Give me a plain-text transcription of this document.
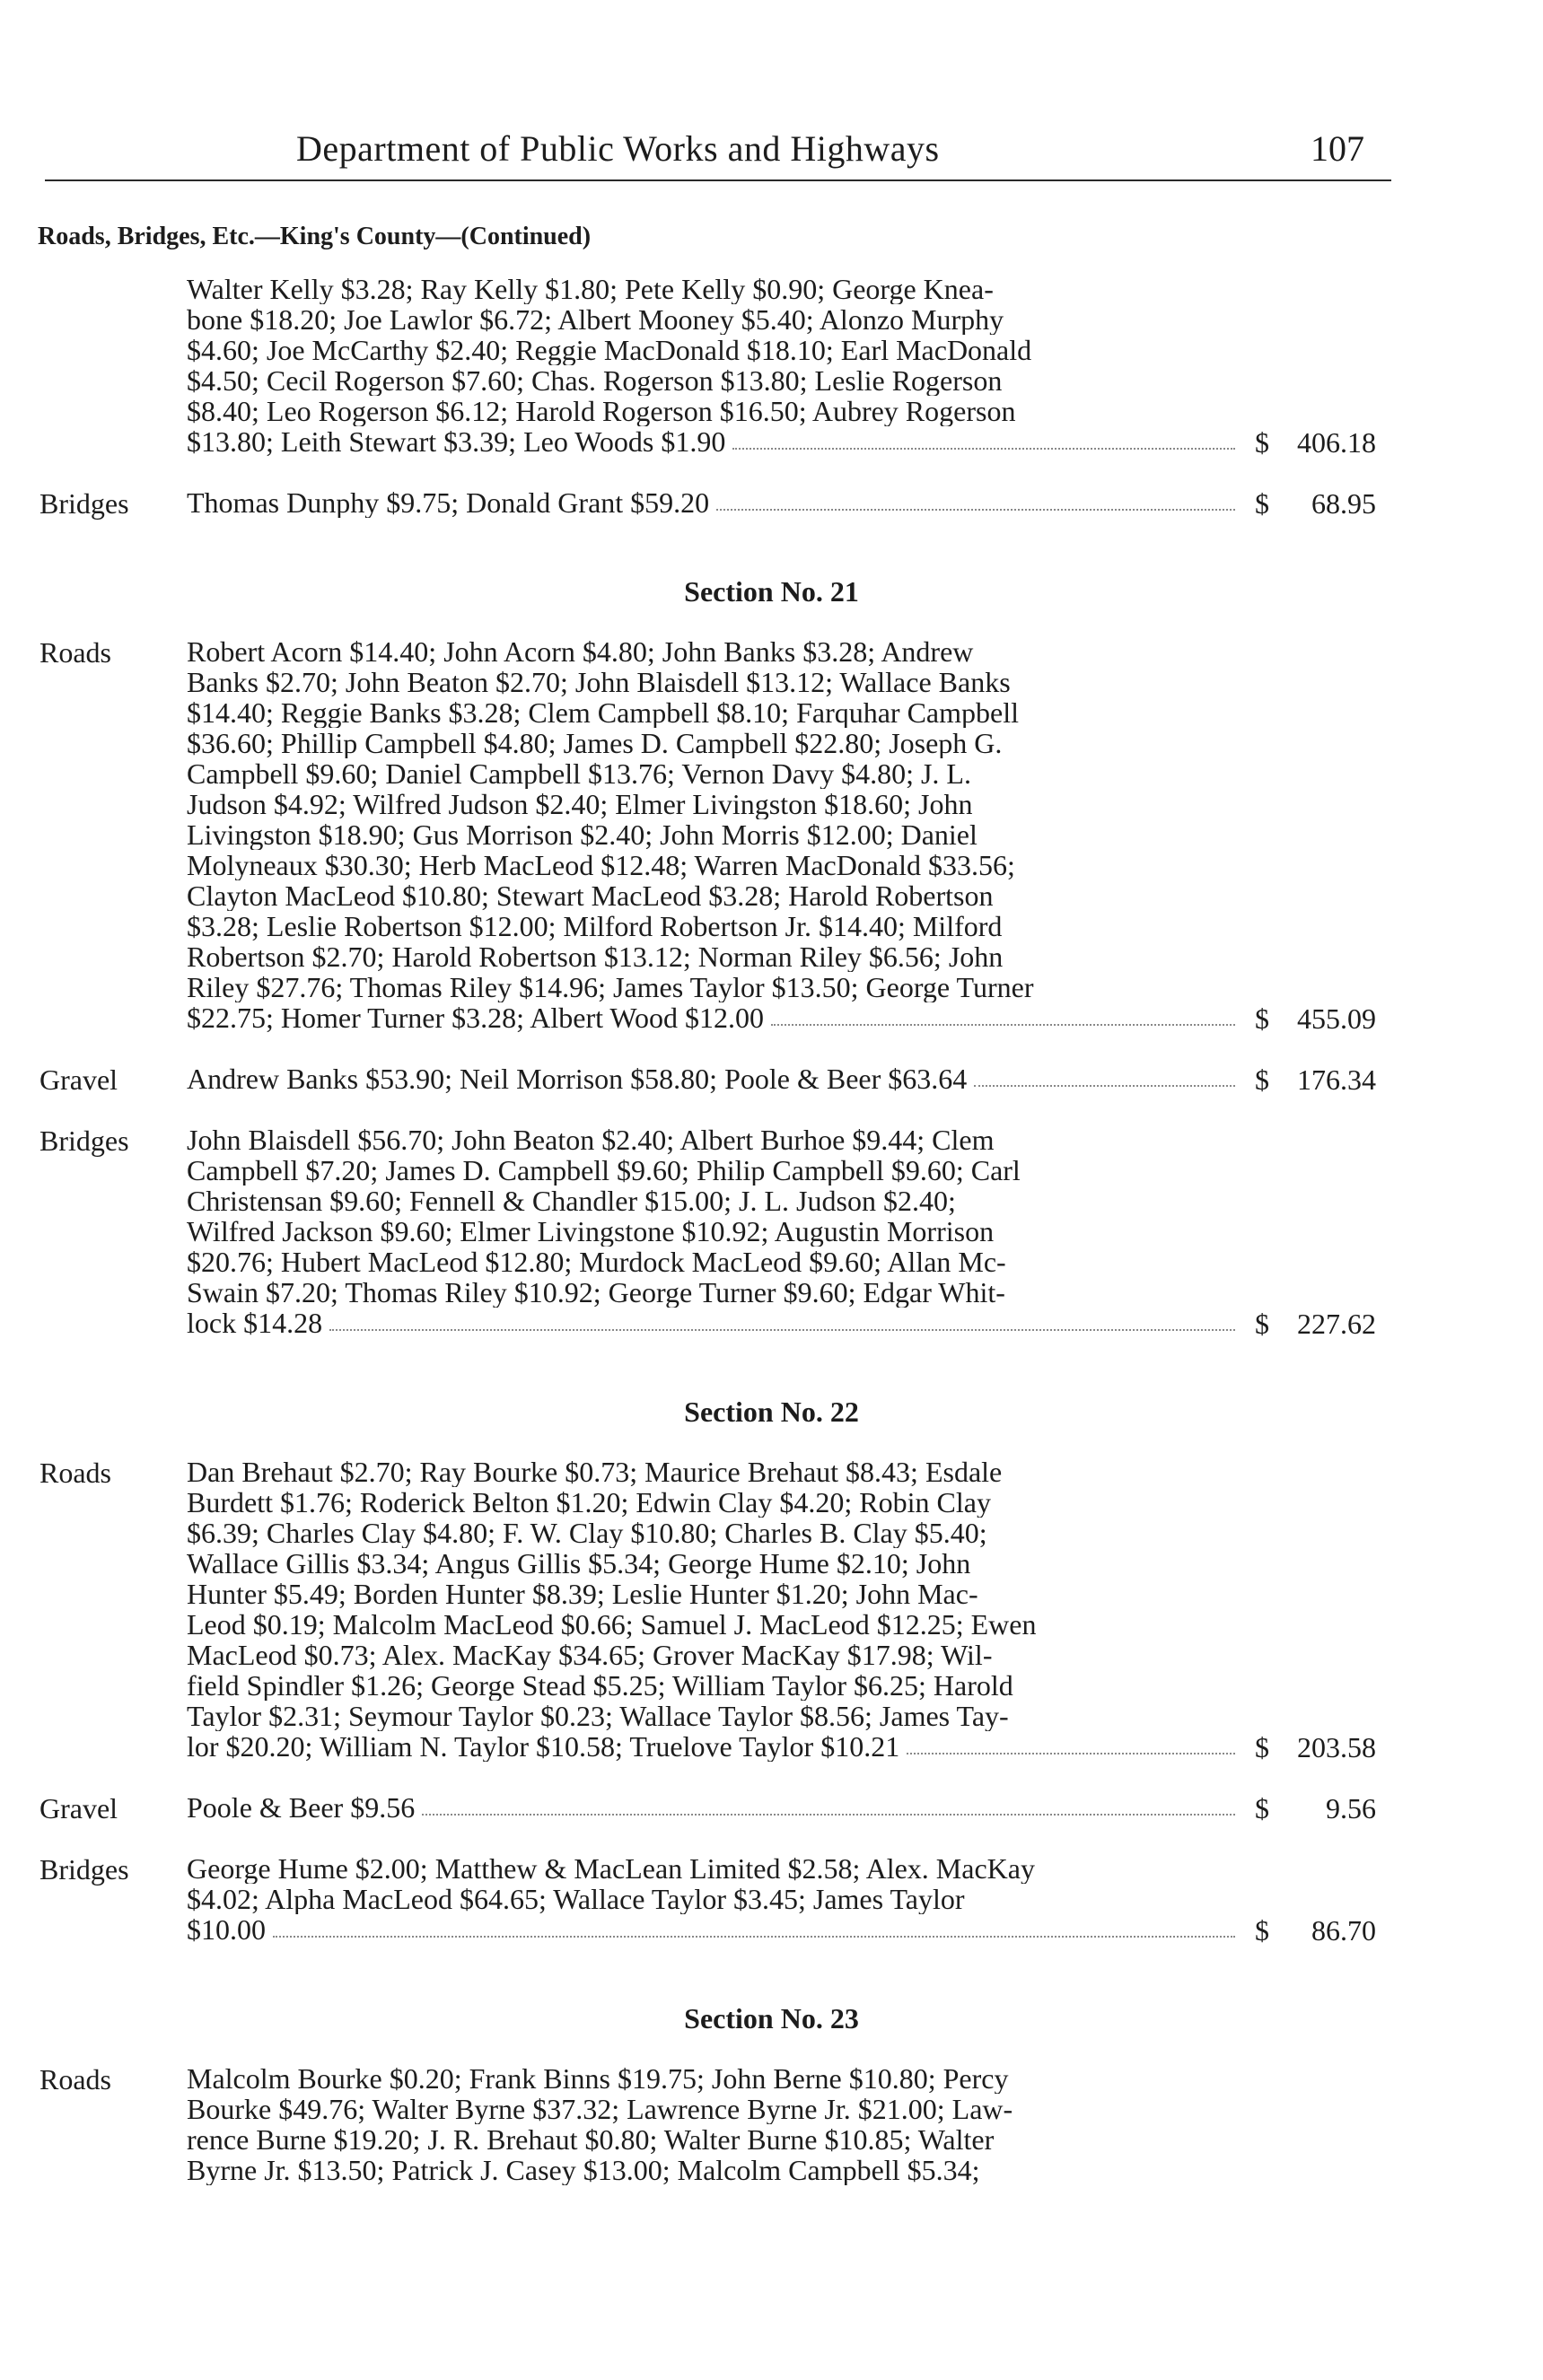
Department of Public Works and Highways	107
Roads, Bridges, Etc.—King's County—(Continued)
Walter Kelly $3.28; Ray Kelly $1.80; Pete Kelly $0.90; George Knea-
bone $18.20; Joe Lawlor $6.72; Albert Mooney $5.40; Alonzo Murphy
$4.60; Joe McCarthy $2.40; Reggie MacDonald $18.10; Earl MacDonald
$4.50; Cecil Rogerson $7.60; Chas. Rogerson $13.80; Leslie Rogerson
$8.40; Leo Rogerson $6.12; Harold Rogerson $16.50; Aubrey Rogerson
$13.80; Leith Stewart $3.39; Leo Woods $1.90	$ 406.18
Bridges Thomas Dunphy $9.75; Donald Grant $59.20	$ 68.95
Section No. 21
Roads	Robert Acorn $14.40; John Acorn $4.80; John Banks $3.28; Andrew
Banks $2.70; John Beaton $2.70; John Blaisdell $13.12; Wallace Banks
$14.40; Reggie Banks $3.28; Clem Campbell $8.10; Farquhar Campbell
$36.60; Phillip Campbell $4.80; James D. Campbell $22.80; Joseph G.
Campbell $9.60; Daniel Campbell $13.76; Vernon Davy $4.80; J. L.
Judson $4.92; Wilfred Judson $2.40; Elmer Livingston $18.60; John
Livingston $18.90; Gus Morrison $2.40; John Morris $12.00; Daniel
Molyneaux $30.30; Herb MacLeod $12.48; Warren MacDonald $33.56;
Clayton MacLeod $10.80; Stewart MacLeod $3.28; Harold Robertson
$3.28; Leslie Robertson $12.00; Milford Robertson Jr. $14.40; Milford
Robertson $2.70; Harold Robertson $13.12; Norman Riley $6.56; John
Riley $27.76; Thomas Riley $14.96; James Taylor $13.50; George Turner
$22.75; Homer Turner $3.28; Albert Wood $12.00	$ 455.09
Gravel Andrew Banks $53.90; Neil Morrison $58.80; Poole & Beer $63.64	$ 176.34
Bridges John Blaisdell $56.70; John Beaton $2.40; Albert Burhoe $9.44; Clem
Campbell $7.20; James D. Campbell $9.60; Philip Campbell $9.60; Carl
Christensan $9.60; Fennell & Chandler $15.00; J. L. Judson $2.40;
Wilfred Jackson $9.60; Elmer Livingstone $10.92; Augustin Morrison
$20.76; Hubert MacLeod $12.80; Murdock MacLeod $9.60; Allan Mc-
Swain $7.20; Thomas Riley $10.92; George Turner $9.60; Edgar Whit-
lock $14.28	$ 227.62
Section No. 22
Roads	Dan Brehaut $2.70; Ray Bourke $0.73; Maurice Brehaut $8.43; Esdale
Burdett $1.76; Roderick Belton $1.20; Edwin Clay $4.20; Robin Clay
$6.39; Charles Clay $4.80; F. W. Clay $10.80; Charles B. Clay $5.40;
Wallace Gillis $3.34; Angus Gillis $5.34; George Hume $2.10; John
Hunter $5.49; Borden Hunter $8.39; Leslie Hunter $1.20; John Mac-
Leod $0.19; Malcolm MacLeod $0.66; Samuel J. MacLeod $12.25; Ewen
MacLeod $0.73; Alex. MacKay $34.65; Grover MacKay $17.98; Wil-
field Spindler $1.26; George Stead $5.25; William Taylor $6.25; Harold
Taylor $2.31; Seymour Taylor $0.23; Wallace Taylor $8.56; James Tay-
lor $20.20; William N. Taylor $10.58; Truelove Taylor $10.21	$ 203.58
Gravel Poole & Beer $9.56	$ 9.56
Bridges George Hume $2.00; Matthew & MacLean Limited $2.58; Alex. MacKay
$4.02; Alpha MacLeod $64.65; Wallace Taylor $3.45; James Taylor
$10.00	$ 86.70
Section No. 23
Roads	Malcolm Bourke $0.20; Frank Binns $19.75; John Berne $10.80; Percy
Bourke $49.76; Walter Byrne $37.32; Lawrence Byrne Jr. $21.00; Law-
rence Burne $19.20; J. R. Brehaut $0.80; Walter Burne $10.85; Walter
Byrne Jr. $13.50; Patrick J. Casey $13.00; Malcolm Campbell $5.34;
